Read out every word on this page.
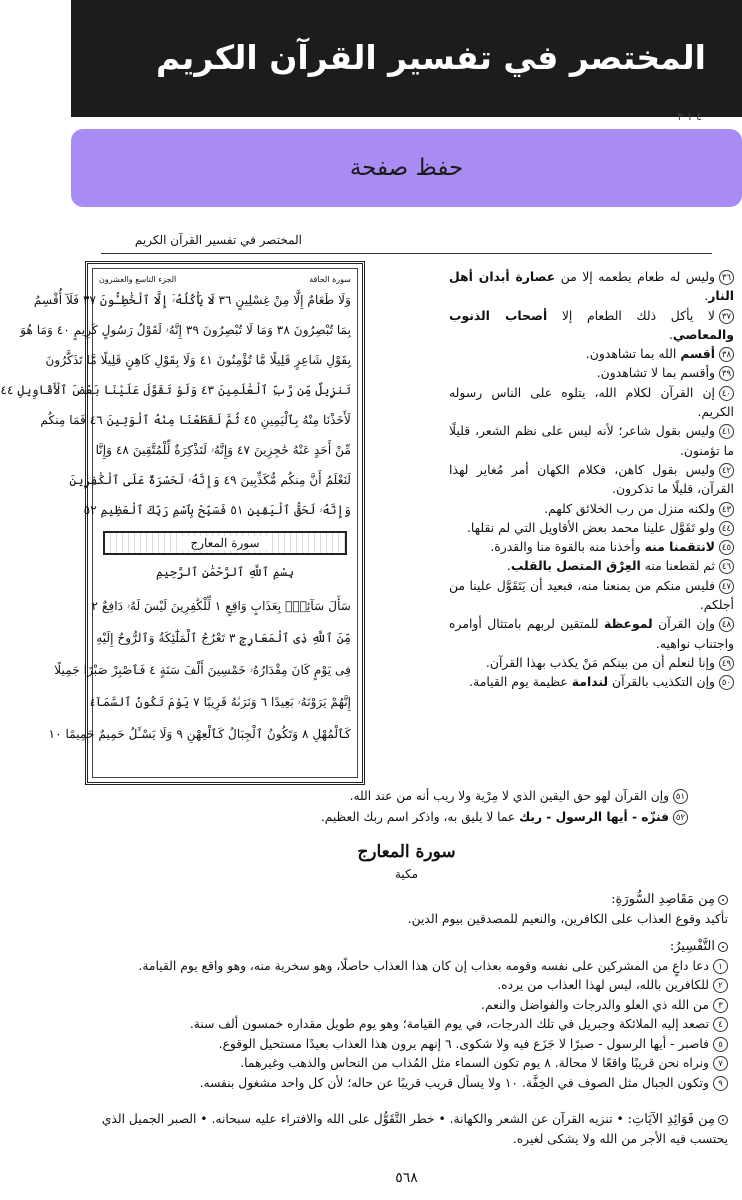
المختصر في تفسير القرآن الكريم
٤ ١ ٢
حفظ صفحة
المختصر في تفسير القرآن الكريم
سورة الحاقة
الجزء التاسع والعشرون
وَلَا طَعَامٌ إِلَّا مِنْ غِسْلِينٍ ٣٦ لَا يَأْكُلُهُۥٓ إِلَّا ٱلْخَٰطِـُٔونَ ٣٧ فَلَآ أُقْسِمُ
بِمَا تُبْصِرُونَ ٣٨ وَمَا لَا تُبْصِرُونَ ٣٩ إِنَّهُۥ لَقَوْلُ رَسُولٍ كَرِيمٍ ٤٠ وَمَا هُوَ
بِقَوْلِ شَاعِرٍ قَلِيلًا مَّا تُؤْمِنُونَ ٤١ وَلَا بِقَوْلِ كَاهِنٍ قَلِيلًا مَّا تَذَكَّرُونَ
تَنزِيلٌ مِّن رَّبِّ ٱلْعَٰلَمِينَ ٤٣ وَلَوْ تَقَوَّلَ عَلَيْنَا بَعْضَ ٱلْأَقَاوِيلِ ٤٤
لَأَخَذْنَا مِنْهُ بِٱلْيَمِينِ ٤٥ ثُمَّ لَقَطَعْنَا مِنْهُ ٱلْوَتِينَ ٤٦ فَمَا مِنكُم
مِّنْ أَحَدٍ عَنْهُ حَٰجِزِينَ ٤٧ وَإِنَّهُۥ لَتَذْكِرَةٌ لِّلْمُتَّقِينَ ٤٨ وَإِنَّا
لَنَعْلَمُ أَنَّ مِنكُم مُّكَذِّبِينَ ٤٩ وَإِنَّهُۥ لَحَسْرَةٌ عَلَى ٱلْكَٰفِرِينَ
وَإِنَّهُۥ لَحَقُّ ٱلْيَقِينِ ٥١ فَسَبِّحْ بِٱسْمِ رَبِّكَ ٱلْعَظِيمِ ٥٢
سورة المعارج
بِسْمِ ٱللَّهِ ٱلرَّحْمَٰنِ ٱلرَّحِيمِ
سَأَلَ سَآئِلٌۢ بِعَذَابٍ وَاقِعٍ ١ لِّلْكَٰفِرِينَ لَيْسَ لَهُۥ دَافِعٌ ٢
مِّنَ ٱللَّهِ ذِى ٱلْمَعَارِجِ ٣ تَعْرُجُ ٱلْمَلَٰٓئِكَةُ وَٱلرُّوحُ إِلَيْهِ
فِى يَوْمٍ كَانَ مِقْدَارُهُۥ خَمْسِينَ أَلْفَ سَنَةٍ ٤ فَٱصْبِرْ صَبْرًا جَمِيلًا
إِنَّهُمْ يَرَوْنَهُۥ بَعِيدًا ٦ وَنَرَىٰهُ قَرِيبًا ٧ يَوْمَ تَكُونُ ٱلسَّمَآءُ
كَٱلْمُهْلِ ٨ وَتَكُونُ ٱلْجِبَالُ كَٱلْعِهْنِ ٩ وَلَا يَسْـَٔلُ حَمِيمٌ حَمِيمًا ١٠
٣٦وليس له طعام يطعمه إلا من عصارة أبدان أهل النار.
٣٧لا يأكل ذلك الطعام إلا أصحاب الذنوب والمعاصي.
٣٨أقسم الله بما تشاهدون.
٣٩وأقسم بما لا تشاهدون.
٤٠إن القرآن لكلام الله، يتلوه على الناس رسوله الكريم.
٤١وليس بقول شاعر؛ لأنه ليس على نظم الشعر، قليلًا ما تؤمنون.
٤٢وليس بقول كاهن، فكلام الكهان أمر مُغاير لهذا القرآن، قليلًا ما تذكرون.
٤٣ولكنه منزل من رب الخلائق كلهم.
٤٤ولو تَقَوَّل علينا محمد بعض الأقاويل التي لم نقلها.
٤٥لانتقمنا منه وأخذنا منه بالقوة منا والقدرة.
٤٦ثم لقطعنا منه العِرْق المتصل بالقلب.
٤٧فليس منكم من يمنعنا منه، فبعيد أن يَتَقَوَّل علينا من أجلكم.
٤٨وإن القرآن لموعظة للمتقين لربهم بامتثال أوامره واجتناب نواهيه.
٤٩وإنا لنعلم أن من بينكم مَنْ يكذب بهذا القرآن.
٥٠وإن التكذيب بالقرآن لندامة عظيمة يوم القيامة.
٥١وإن القرآن لهو حق اليقين الذي لا مِرْية ولا ريب أنه من عند الله.
٥٢فنزّه - أيها الرسول - ربك عما لا يليق به، واذكر اسم ربك العظيم.
سورة المعارج
مكية
مِن مَقَاصِدِ السُّورَةِ:
تأكيد وقوع العذاب على الكافرين، والنعيم للمصدقين بيوم الدين.
التَّفْسِيرُ:
١دعا داعٍ من المشركين على نفسه وقومه بعذاب إن كان هذا العذاب حاصلًا، وهو سخرية منه، وهو واقع يوم القيامة.
٢للكافرين بالله، ليس لهذا العذاب من يرده.
٣من الله ذي العلو والدرجات والفواضل والنعم.
٤تصعد إليه الملائكة وجبريل في تلك الدرجات، في يوم القيامة؛ وهو يوم طويل مقداره خمسون ألف سنة.
٥فاصبر - أيها الرسول - صبرًا لا جَزَع فيه ولا شكوى. ٦ إنهم يرون هذا العذاب بعيدًا مستحيل الوقوع.
٧ونراه نحن قريبًا واقعًا لا محالة. ٨ يوم تكون السماء مثل المُذاب من النحاس والذهب وغيرهما.
٩وتكون الجبال مثل الصوف في الخِفَّة. ١٠ ولا يسأل قريب قريبًا عن حاله؛ لأن كل واحد مشغول بنفسه.
مِن فَوَائِدِ الآيَاتِ: • تنزيه القرآن عن الشعر والكهانة. • خطر التَّقَوُّل على الله والافتراء عليه سبحانه. • الصبر الجميل الذي يحتسب فيه الأجر من الله ولا يشكى لغيره.
٥٦٨
